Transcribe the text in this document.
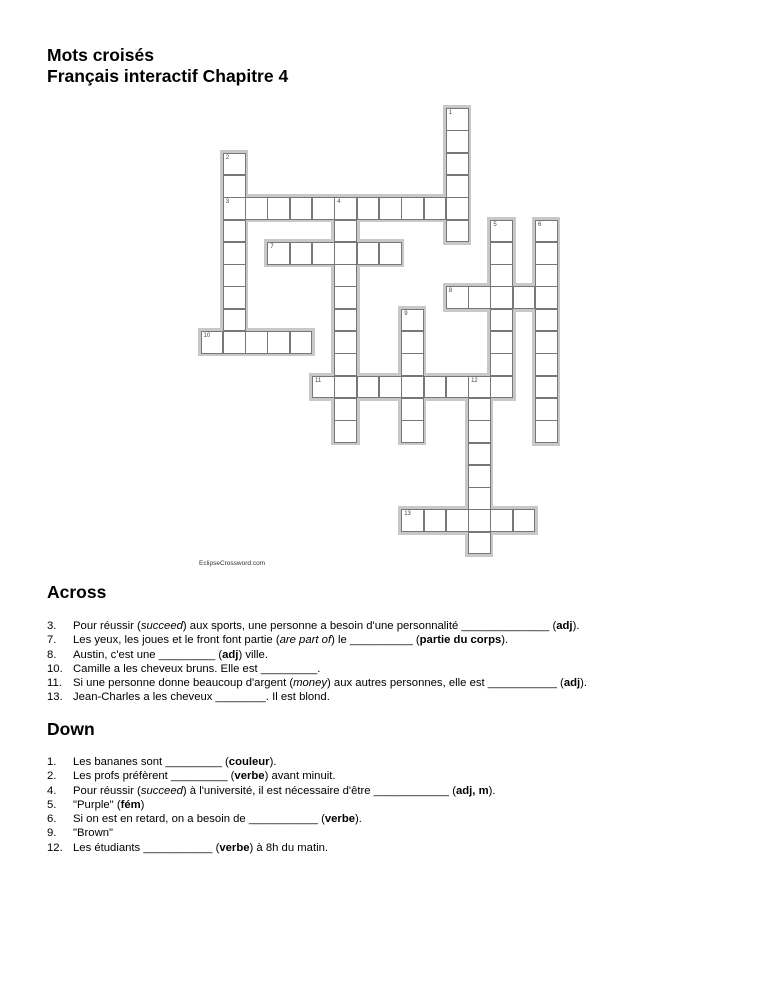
Mots croisés
Français interactif Chapitre 4
1
2
3	4
5	6
7
8
9
10
11	12
13
EclipseCrossword.com
Across
3. Pour réussir (succeed) aux sports, une personne a besoin d'une personnalité ______________ (adj).
7. Les yeux, les joues et le front font partie (are part of) le __________ (partie du corps).
8. Austin, c'est une _________ (adj) ville.
10. Camille a les cheveux bruns. Elle est _________.
11. Si une personne donne beaucoup d'argent (money) aux autres personnes, elle est ___________ (adj).
13. Jean-Charles a les cheveux ________. Il est blond.
Down
1. Les bananes sont _________ (couleur).
2. Les profs préfèrent _________ (verbe) avant minuit.
4. Pour réussir (succeed) à l'université, il est nécessaire d'être ____________ (adj, m).
5. "Purple" (fém)
6. Si on est en retard, on a besoin de ___________ (verbe).
9. "Brown"
12. Les étudiants ___________ (verbe) à 8h du matin.
